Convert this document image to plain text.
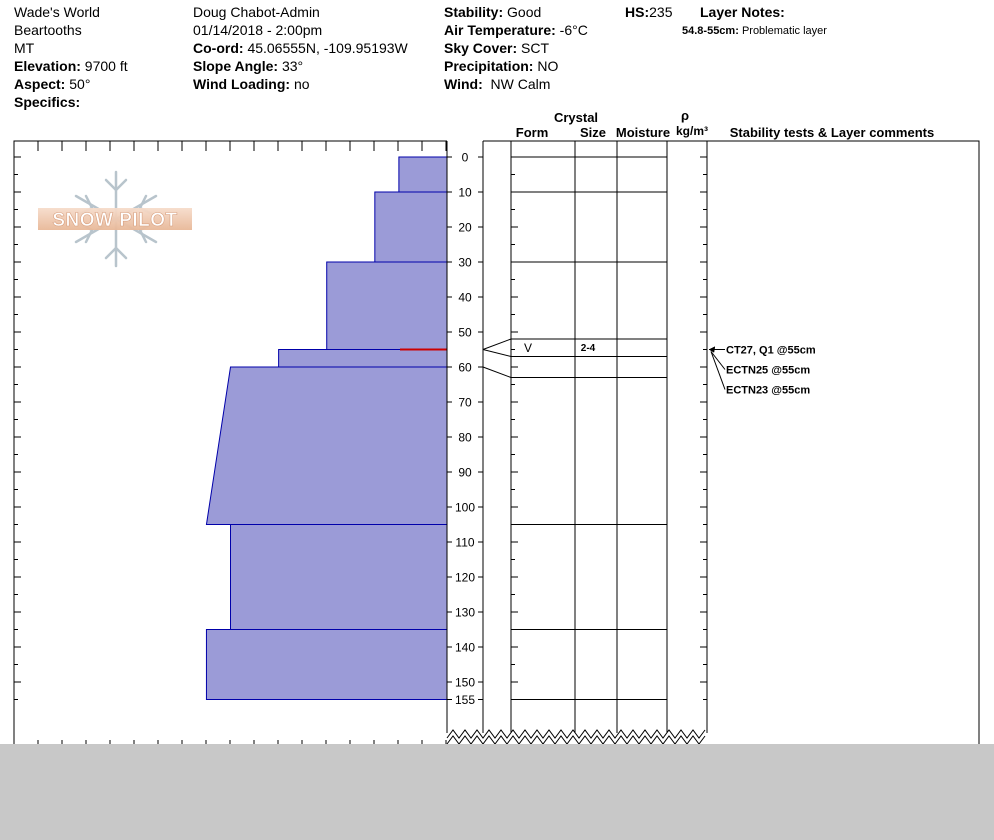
Wade's World
Beartooths
MT
Elevation: 9700 ft
Aspect: 50°
Specifics:
Doug Chabot-Admin
01/14/2018 - 2:00pm
Co-ord: 45.06555N, -109.95193W
Slope Angle: 33°
Wind Loading: no
Stability: Good
Air Temperature: -6°C
Sky Cover: SCT
Precipitation: NO
Wind: NW Calm
HS:235 Layer Notes:
54.8-55cm: Problematic layer
SNOW PILOT
Crystal
Form Size Moisture
ρ
kg/m³ Stability tests & Layer comments
0
10
20
30
40
50
60
70
80
90
100
110
120
130
140
150
155
V	2-4	CT27, Q1 @55cm
ECTN25 @55cm
ECTN23 @55cm
